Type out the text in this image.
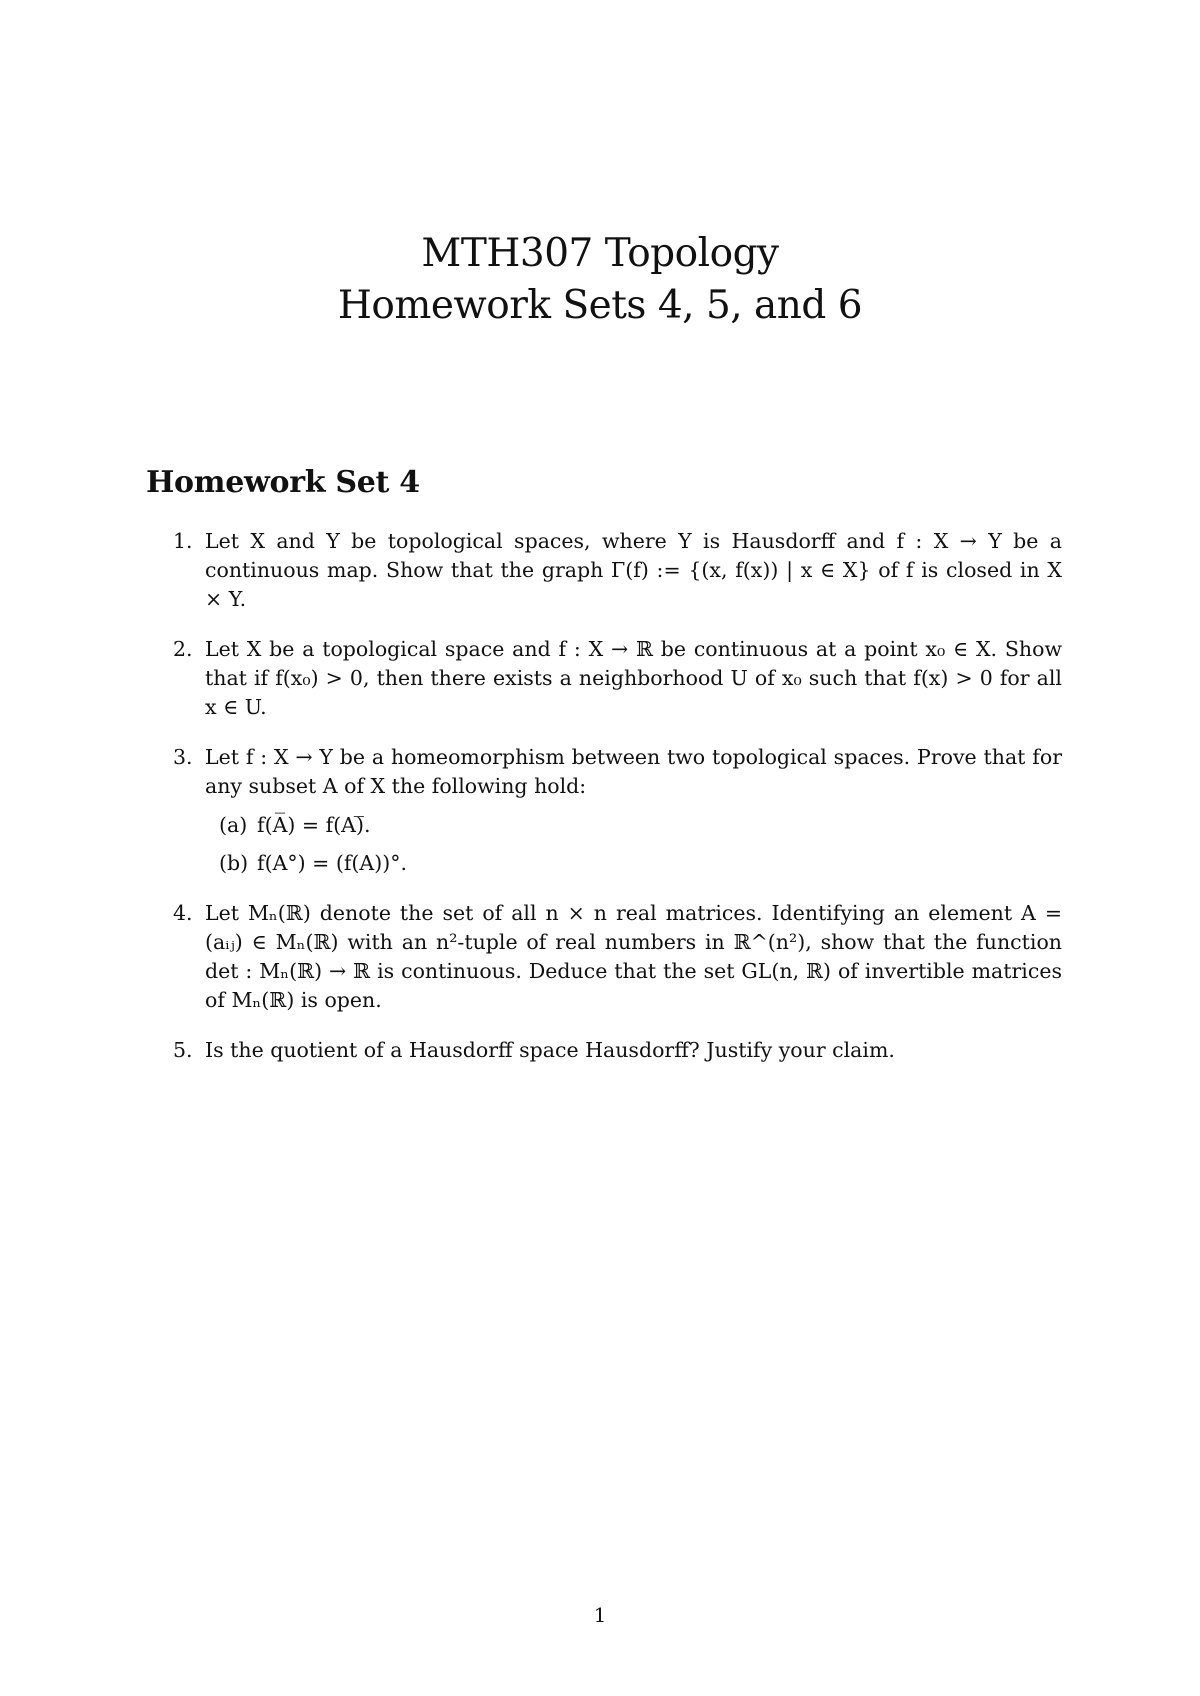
MTH307 Topology
Homework Sets 4, 5, and 6
Homework Set 4
1. Let X and Y be topological spaces, where Y is Hausdorff and f : X → Y be a continuous map. Show that the graph Γ(f) := {(x, f(x)) | x ∈ X} of f is closed in X × Y.
2. Let X be a topological space and f : X → ℝ be continuous at a point x₀ ∈ X. Show that if f(x₀) > 0, then there exists a neighborhood U of x₀ such that f(x) > 0 for all x ∈ U.
3. Let f : X → Y be a homeomorphism between two topological spaces. Prove that for any subset A of X the following hold:
(a) f(A̅) = f(A)̅.
(b) f(A°) = (f(A))°.
4. Let Mₙ(ℝ) denote the set of all n × n real matrices. Identifying an element A = (aᵢⱼ) ∈ Mₙ(ℝ) with an n²-tuple of real numbers in ℝ^(n²), show that the function det : Mₙ(ℝ) → ℝ is continuous. Deduce that the set GL(n, ℝ) of invertible matrices of Mₙ(ℝ) is open.
5. Is the quotient of a Hausdorff space Hausdorff? Justify your claim.
1
